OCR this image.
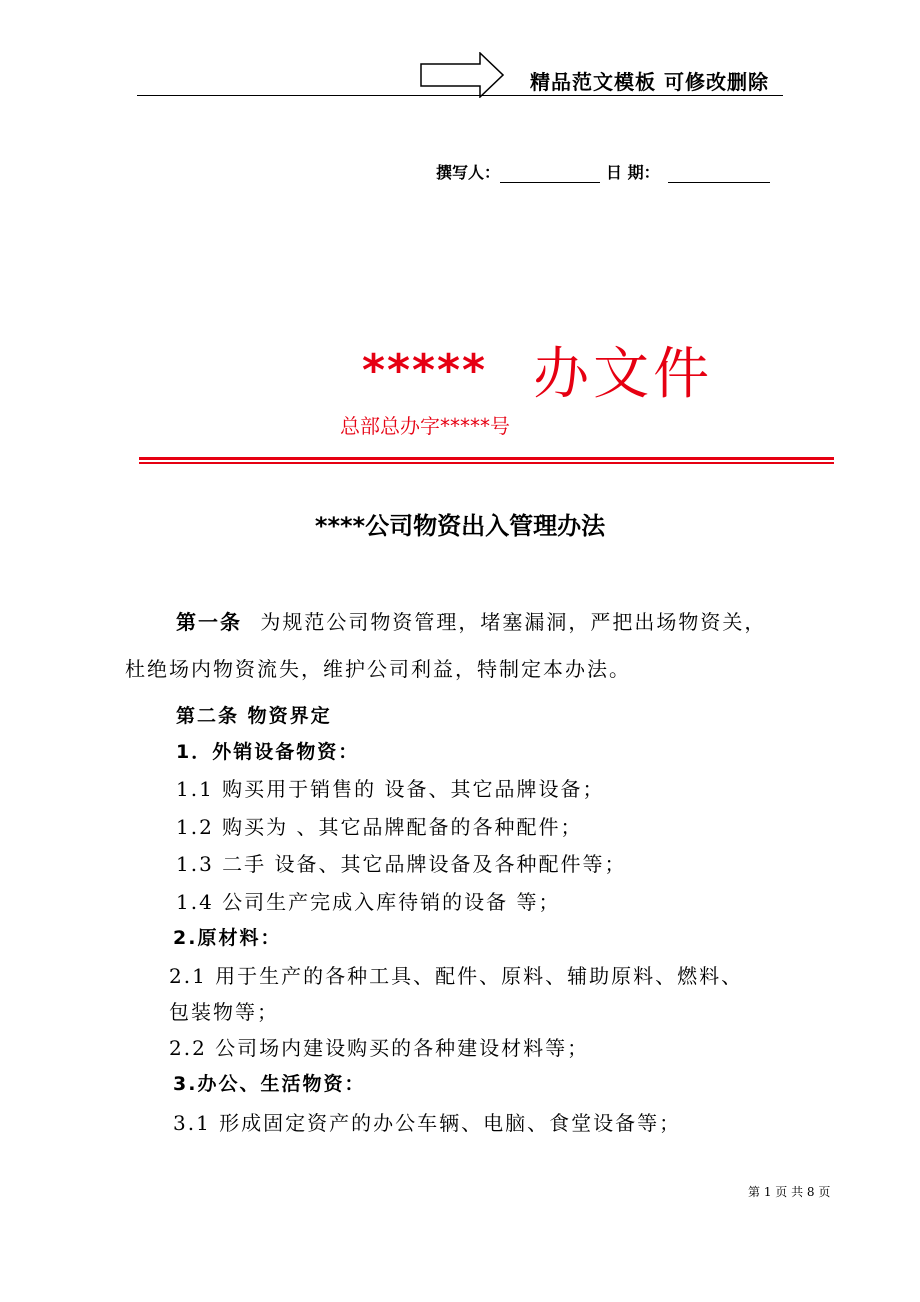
精品范文模板 可修改删除
撰写人：	日 期：
***** 办文件
总部总办字*****号
****公司物资出入管理办法
第一条 为规范公司物资管理，堵塞漏洞，严把出场物资关，
杜绝场内物资流失，维护公司利益，特制定本办法。
第二条 物资界定
1．外销设备物资：
1.1 购买用于销售的 设备、其它品牌设备；
1.2 购买为 、其它品牌配备的各种配件；
1.3 二手 设备、其它品牌设备及各种配件等；
1.4 公司生产完成入库待销的设备 等；
2.原材料：
2.1 用于生产的各种工具、配件、原料、辅助原料、燃料、
包装物等；
2.2 公司场内建设购买的各种建设材料等；
3.办公、生活物资：
3.1 形成固定资产的办公车辆、电脑、食堂设备等；
第 1 页 共 8 页
